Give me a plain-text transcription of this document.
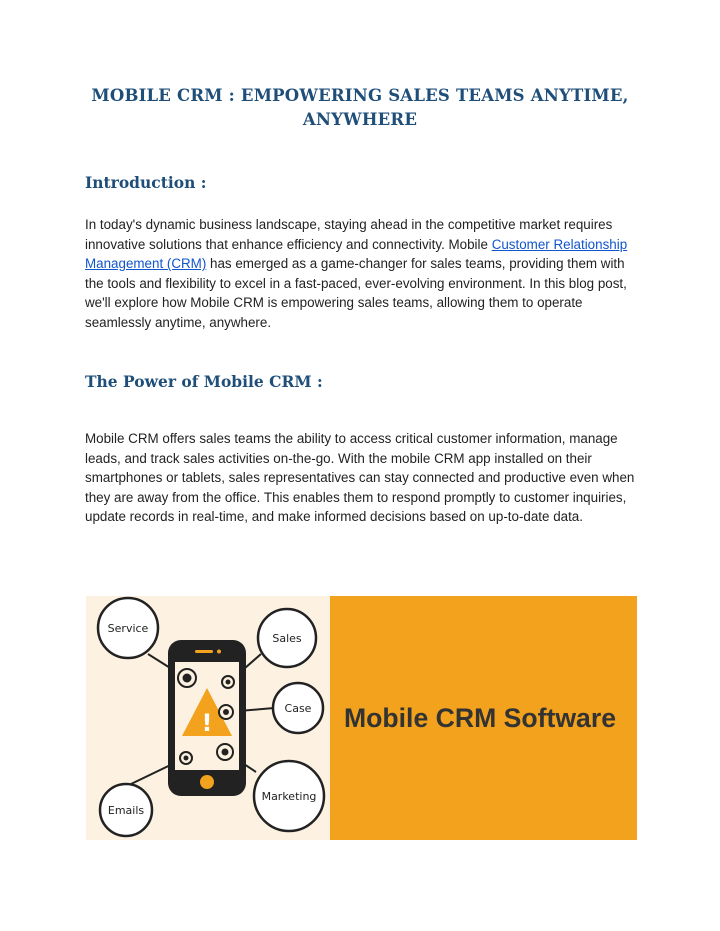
MOBILE CRM : EMPOWERING SALES TEAMS ANYTIME,
ANYWHERE
Introduction :

In today's dynamic business landscape, staying ahead in the competitive market requires innovative solutions that enhance efficiency and connectivity. Mobile Customer Relationship Management (CRM) has emerged as a game-changer for sales teams, providing them with the tools and flexibility to excel in a fast-paced, ever-evolving environment. In this blog post, we'll explore how Mobile CRM is empowering sales teams, allowing them to operate seamlessly anytime, anywhere.

The Power of Mobile CRM :

Mobile CRM offers sales teams the ability to access critical customer information, manage leads, and track sales activities on-the-go. With the mobile CRM app installed on their smartphones or tablets, sales representatives can stay connected and productive even when they are away from the office. This enables them to respond promptly to customer inquiries, update records in real-time, and make informed decisions based on up-to-date data.

!
Service
Sales
Case
Marketing
Emails
Mobile CRM Software
